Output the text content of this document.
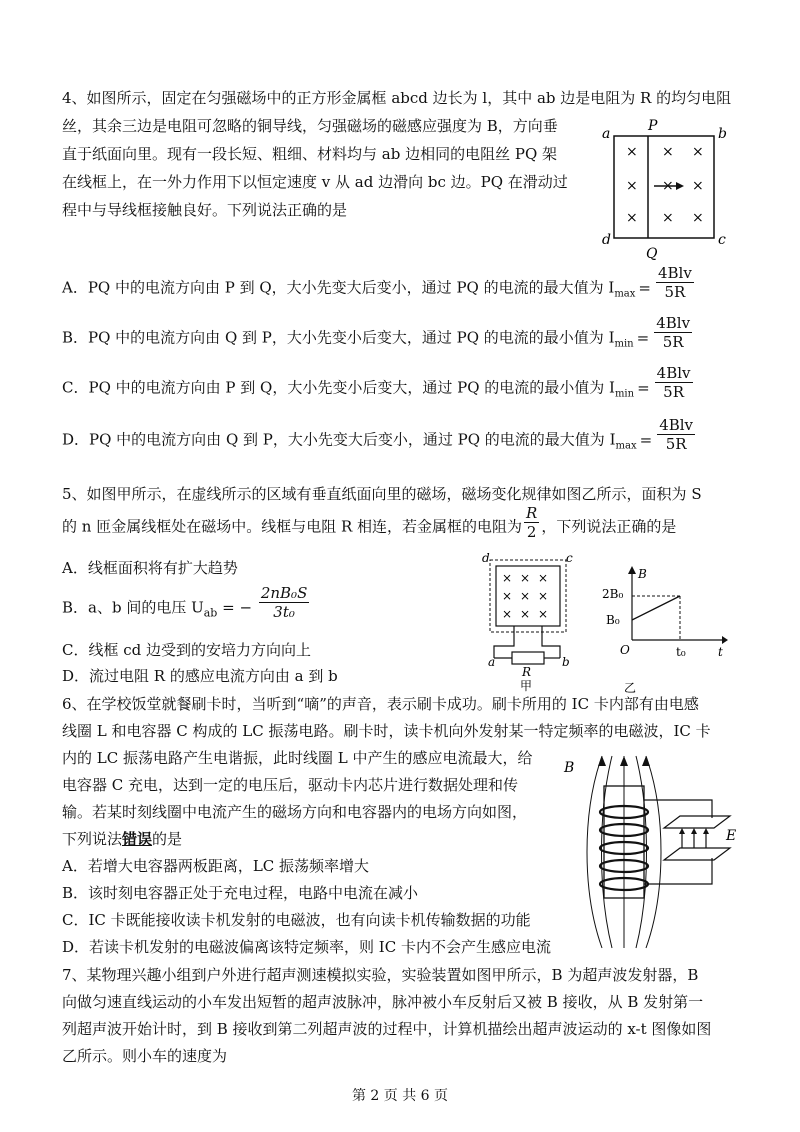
4、如图所示，固定在匀强磁场中的正方形金属框 abcd 边长为 l，其中 ab 边是电阻为 R 的均匀电阻
丝，其余三边是电阻可忽略的铜导线，匀强磁场的磁感应强度为 B，方向垂
直于纸面向里。现有一段长短、粗细、材料均与 ab 边相同的电阻丝 PQ 架
在线框上，在一外力作用下以恒定速度 v 从 ad 边滑向 bc 边。PQ 在滑动过
程中与导线框接触良好。下列说法正确的是
a	b
d	c
P
Q
× × ×
× × ×
× × ×
A．PQ 中的电流方向由 P 到 Q，大小先变大后变小，通过 PQ 的电流的最大值为 $I_{max} = \frac{\text{4Blv}}{5R}$
B．PQ 中的电流方向由 Q 到 P，大小先变小后变大，通过 PQ 的电流的最小值为 $I_{min} = \frac{\text{4Blv}}{5R}$
C．PQ 中的电流方向由 P 到 Q，大小先变小后变大，通过 PQ 的电流的最小值为 $I_{min} = \frac{\text{4Blv}}{5R}$
D．PQ 中的电流方向由 Q 到 P，大小先变大后变小，通过 PQ 的电流的最大值为 $I_{max} = \frac{\text{4Blv}}{5R}$
5、如图甲所示，在虚线所示的区域有垂直纸面向里的磁场，磁场变化规律如图乙所示，面积为 S
的 n 匝金属线框处在磁场中。线框与电阻 R 相连，若金属框的电阻为 $\frac{R}{2}$ ，下列说法正确的是
A．线框面积将有扩大趋势
B．a、b 间的电压 $U_{ab}$ = − $\frac{\text{2nB₀S}}{\text{3t₀}}$
C．线框 cd 边受到的安培力方向向上
D．流过电阻 R 的感应电流方向由 a 到 b
d	c
× × ×
× × ×
× × ×
a	b
R
甲
B
t
O
2B₀
B₀
t₀
乙
6、在学校饭堂就餐刷卡时，当听到“嘀”的声音，表示刷卡成功。刷卡所用的 IC 卡内部有由电感
线圈 L 和电容器 C 构成的 LC 振荡电路。刷卡时，读卡机向外发射某一特定频率的电磁波，IC 卡
内的 LC 振荡电路产生电谐振，此时线圈 L 中产生的感应电流最大，给
电容器 C 充电，达到一定的电压后，驱动卡内芯片进行数据处理和传
输。若某时刻线圈中电流产生的磁场方向和电容器内的电场方向如图，
下列说法错误的是
A．若增大电容器两板距离，LC 振荡频率增大
B．该时刻电容器正处于充电过程，电路中电流在减小
C．IC 卡既能接收读卡机发射的电磁波，也有向读卡机传输数据的功能
D．若读卡机发射的电磁波偏离该特定频率，则 IC 卡内不会产生感应电流
B
E
7、某物理兴趣小组到户外进行超声测速模拟实验，实验装置如图甲所示，B 为超声波发射器，B
向做匀速直线运动的小车发出短暂的超声波脉冲，脉冲被小车反射后又被 B 接收，从 B 发射第一
列超声波开始计时，到 B 接收到第二列超声波的过程中，计算机描绘出超声波运动的 x-t 图像如图
乙所示。则小车的速度为
第 2 页 共 6 页
